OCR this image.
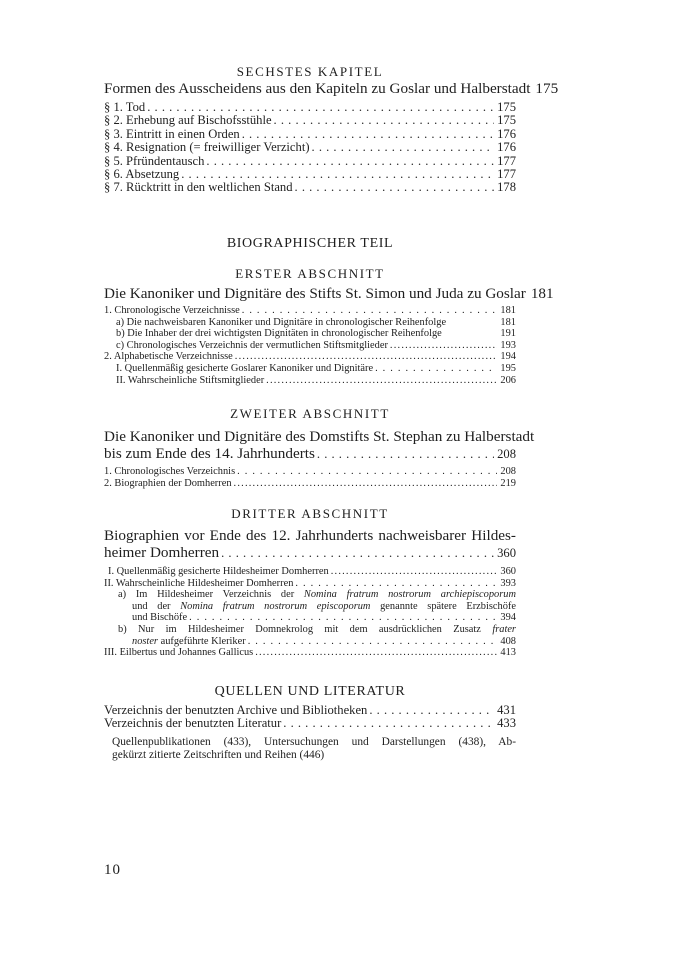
SECHSTES KAPITEL
Formen des Ausscheidens aus den Kapiteln zu Goslar und Halberstadt 175
§ 1. Tod . . .	175
§ 2. Erhebung auf Bischofsstühle . . .	175
§ 3. Eintritt in einen Orden . . .	176
§ 4. Resignation (= freiwilliger Verzicht) . . .	176
§ 5. Pfründentausch . . .	177
§ 6. Absetzung . . .	177
§ 7. Rücktritt in den weltlichen Stand . . .	178
BIOGRAPHISCHER TEIL
ERSTER ABSCHNITT
Die Kanoniker und Dignitäre des Stifts St. Simon und Juda zu Goslar 181
1. Chronologische Verzeichnisse . . .	181
a) Die nachweisbaren Kanoniker und Dignitäre in chronologischer Reihenfolge	181
b) Die Inhaber der drei wichtigsten Dignitäten in chronologischer Reihenfolge	191
c) Chronologisches Verzeichnis der vermutlichen Stiftsmitglieder .....	193
2. Alphabetische Verzeichnisse .....	194
I. Quellenmäßig gesicherte Goslarer Kanoniker und Dignitäre . . .	195
II. Wahrscheinliche Stiftsmitglieder .....	206
ZWEITER ABSCHNITT
Die Kanoniker und Dignitäre des Domstifts St. Stephan zu Halberstadt
bis zum Ende des 14. Jahrhunderts . . .	208
1. Chronologisches Verzeichnis . . .	208
2. Biographien der Domherren .....	219
DRITTER ABSCHNITT
Biographien vor Ende des 12. Jahrhunderts nachweisbarer Hildes-
heimer Domherren . . .	360
I. Quellenmäßig gesicherte Hildesheimer Domherren .....	360
II. Wahrscheinliche Hildesheimer Domherren . . .	393
a) Im Hildesheimer Verzeichnis der Nomina fratrum nostrorum archiepiscoporum
und der Nomina fratrum nostrorum episcoporum genannte spätere Erzbischöfe
und Bischöfe . . .	394
b) Nur im Hildesheimer Domnekrolog mit dem ausdrücklichen Zusatz frater
noster aufgeführte Kleriker . . .	408
III. Eilbertus und Johannes Gallicus .....	413
QUELLEN UND LITERATUR
Verzeichnis der benutzten Archive und Bibliotheken . . .	431
Verzeichnis der benutzten Literatur . . .	433
Quellenpublikationen (433), Untersuchungen und Darstellungen (438), Ab-
gekürzt zitierte Zeitschriften und Reihen (446)
10
